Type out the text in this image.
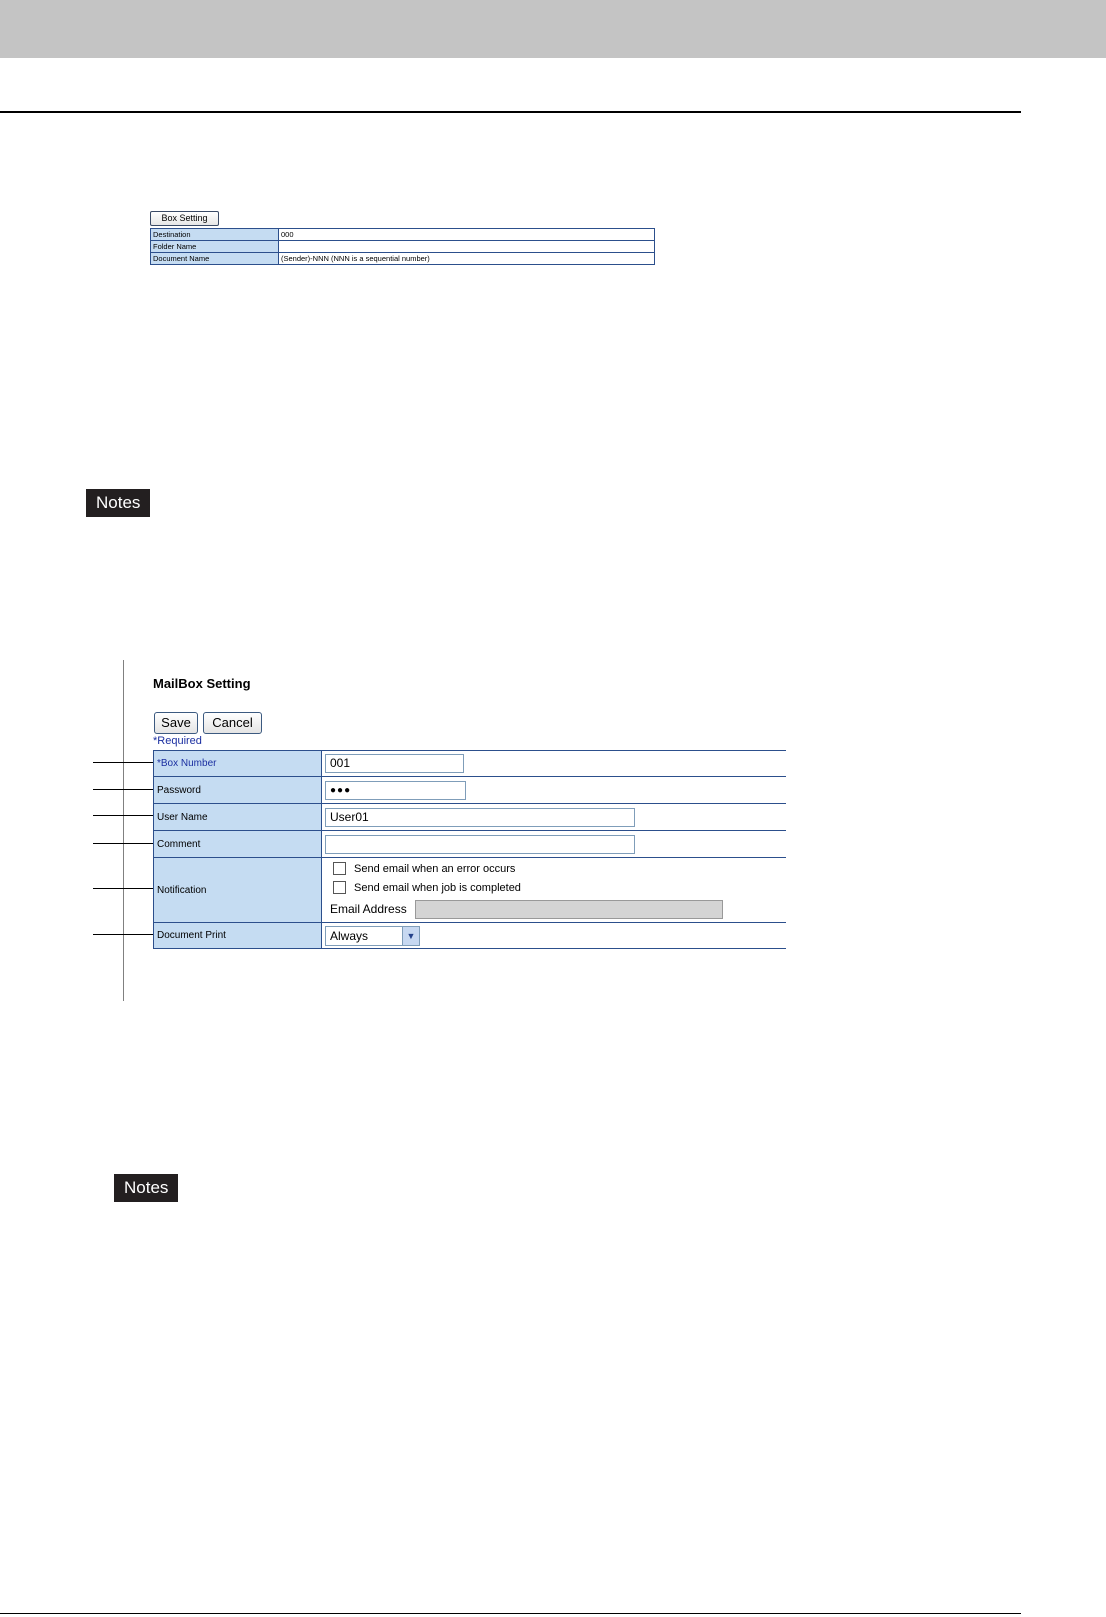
Box Setting
Destination	000
Folder Name	
Document Name	(Sender)-NNN (NNN is a sequential number)
Notes
MailBox Setting
Save	Cancel
*Required
*Box Number	001
Password	●●●
User Name	User01
Comment	
Notification	Send email when an error occurs
Send email when job is completed
Email Address

Document Print	Always ▼
Notes
